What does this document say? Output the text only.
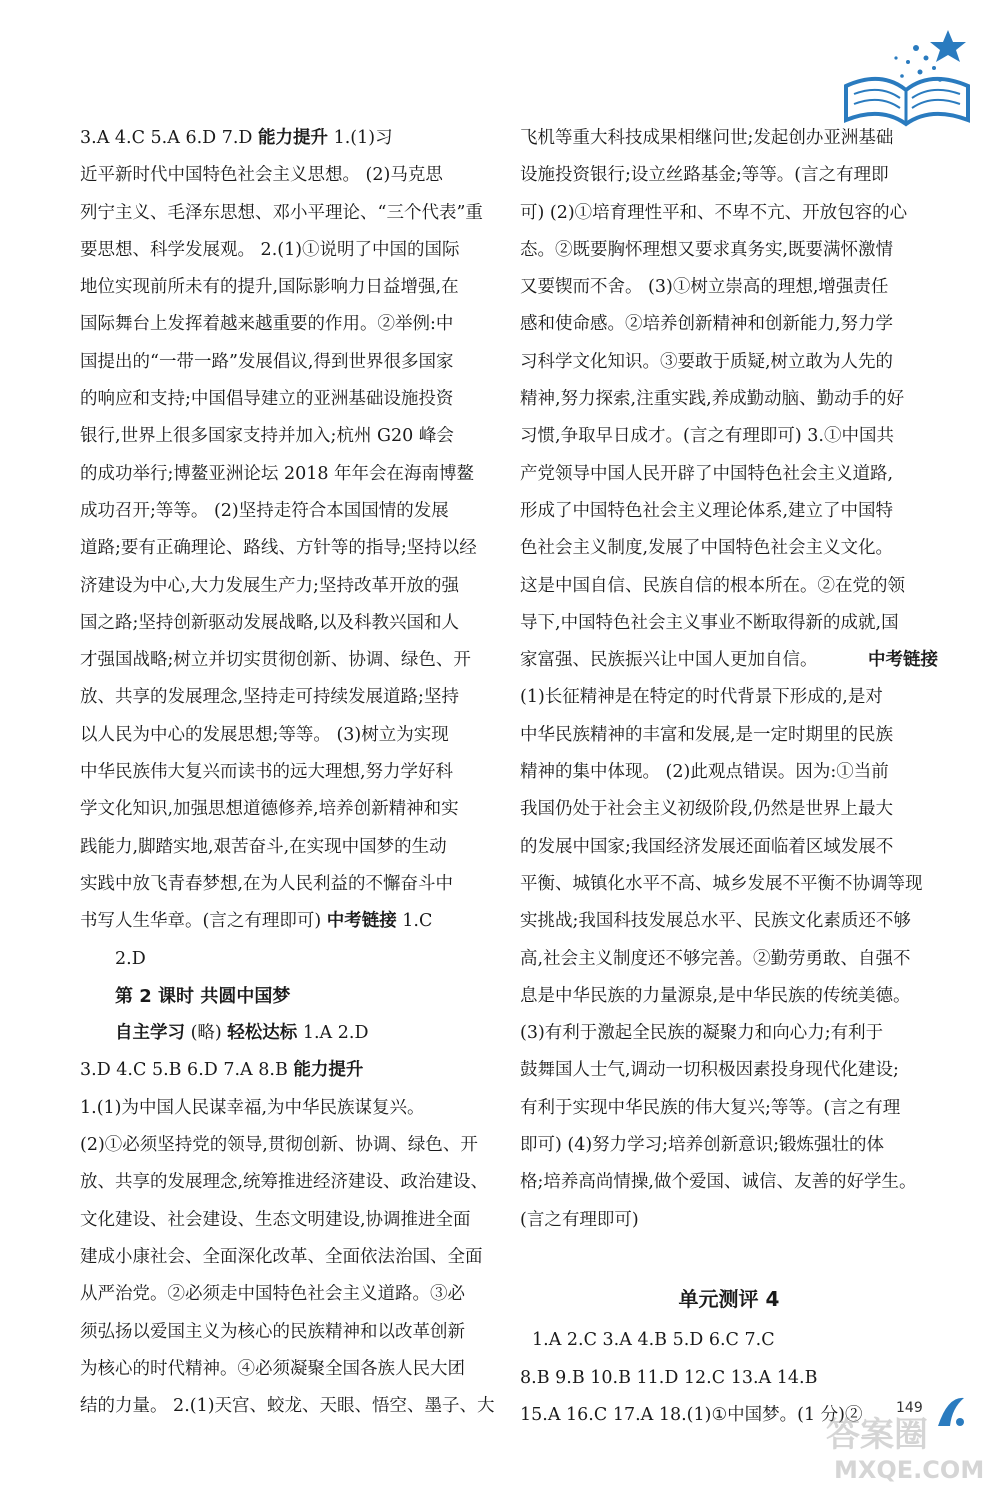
3.A 4.C 5.A 6.D 7.D 能力提升 1.(1)习
近平新时代中国特色社会主义思想。 (2)马克思
列宁主义、毛泽东思想、邓小平理论、“三个代表”重
要思想、科学发展观。 2.(1)①说明了中国的国际
地位实现前所未有的提升,国际影响力日益增强,在
国际舞台上发挥着越来越重要的作用。②举例:中
国提出的“一带一路”发展倡议,得到世界很多国家
的响应和支持;中国倡导建立的亚洲基础设施投资
银行,世界上很多国家支持并加入;杭州 G20 峰会
的成功举行;博鳌亚洲论坛 2018 年年会在海南博鳌
成功召开;等等。 (2)坚持走符合本国国情的发展
道路;要有正确理论、路线、方针等的指导;坚持以经
济建设为中心,大力发展生产力;坚持改革开放的强
国之路;坚持创新驱动发展战略,以及科教兴国和人
才强国战略;树立并切实贯彻创新、协调、绿色、开
放、共享的发展理念,坚持走可持续发展道路;坚持
以人民为中心的发展思想;等等。 (3)树立为实现
中华民族伟大复兴而读书的远大理想,努力学好科
学文化知识,加强思想道德修养,培养创新精神和实
践能力,脚踏实地,艰苦奋斗,在实现中国梦的生动
实践中放飞青春梦想,在为人民利益的不懈奋斗中
书写人生华章。(言之有理即可) 中考链接 1.C
2.D
第 2 课时 共圆中国梦
自主学习 (略) 轻松达标 1.A 2.D
3.D 4.C 5.B 6.D 7.A 8.B 能力提升
1.(1)为中国人民谋幸福,为中华民族谋复兴。
(2)①必须坚持党的领导,贯彻创新、协调、绿色、开
放、共享的发展理念,统筹推进经济建设、政治建设、
文化建设、社会建设、生态文明建设,协调推进全面
建成小康社会、全面深化改革、全面依法治国、全面
从严治党。②必须走中国特色社会主义道路。③必
须弘扬以爱国主义为核心的民族精神和以改革创新
为核心的时代精神。④必须凝聚全国各族人民大团
结的力量。 2.(1)天宫、蛟龙、天眼、悟空、墨子、大
飞机等重大科技成果相继问世;发起创办亚洲基础
设施投资银行;设立丝路基金;等等。(言之有理即
可) (2)①培育理性平和、不卑不亢、开放包容的心
态。②既要胸怀理想又要求真务实,既要满怀激情
又要锲而不舍。 (3)①树立崇高的理想,增强责任
感和使命感。②培养创新精神和创新能力,努力学
习科学文化知识。③要敢于质疑,树立敢为人先的
精神,努力探索,注重实践,养成勤动脑、勤动手的好
习惯,争取早日成才。(言之有理即可) 3.①中国共
产党领导中国人民开辟了中国特色社会主义道路,
形成了中国特色社会主义理论体系,建立了中国特
色社会主义制度,发展了中国特色社会主义文化。
这是中国自信、民族自信的根本所在。②在党的领
导下,中国特色社会主义事业不断取得新的成就,国
家富强、民族振兴让中国人更加自信。	中考链接
(1)长征精神是在特定的时代背景下形成的,是对
中华民族精神的丰富和发展,是一定时期里的民族
精神的集中体现。 (2)此观点错误。因为:①当前
我国仍处于社会主义初级阶段,仍然是世界上最大
的发展中国家;我国经济发展还面临着区域发展不
平衡、城镇化水平不高、城乡发展不平衡不协调等现
实挑战;我国科技发展总水平、民族文化素质还不够
高,社会主义制度还不够完善。②勤劳勇敢、自强不
息是中华民族的力量源泉,是中华民族的传统美德。
(3)有利于激起全民族的凝聚力和向心力;有利于
鼓舞国人士气,调动一切积极因素投身现代化建设;
有利于实现中华民族的伟大复兴;等等。(言之有理
即可) (4)努力学习;培养创新意识;锻炼强壮的体
格;培养高尚情操,做个爱国、诚信、友善的好学生。
(言之有理即可)
单元测评 4
1.A 2.C 3.A 4.B 5.D 6.C 7.C
8.B 9.B 10.B 11.D 12.C 13.A 14.B
15.A 16.C 17.A 18.(1)①中国梦。(1 分)②	149
答案圈
MXQE.COM
